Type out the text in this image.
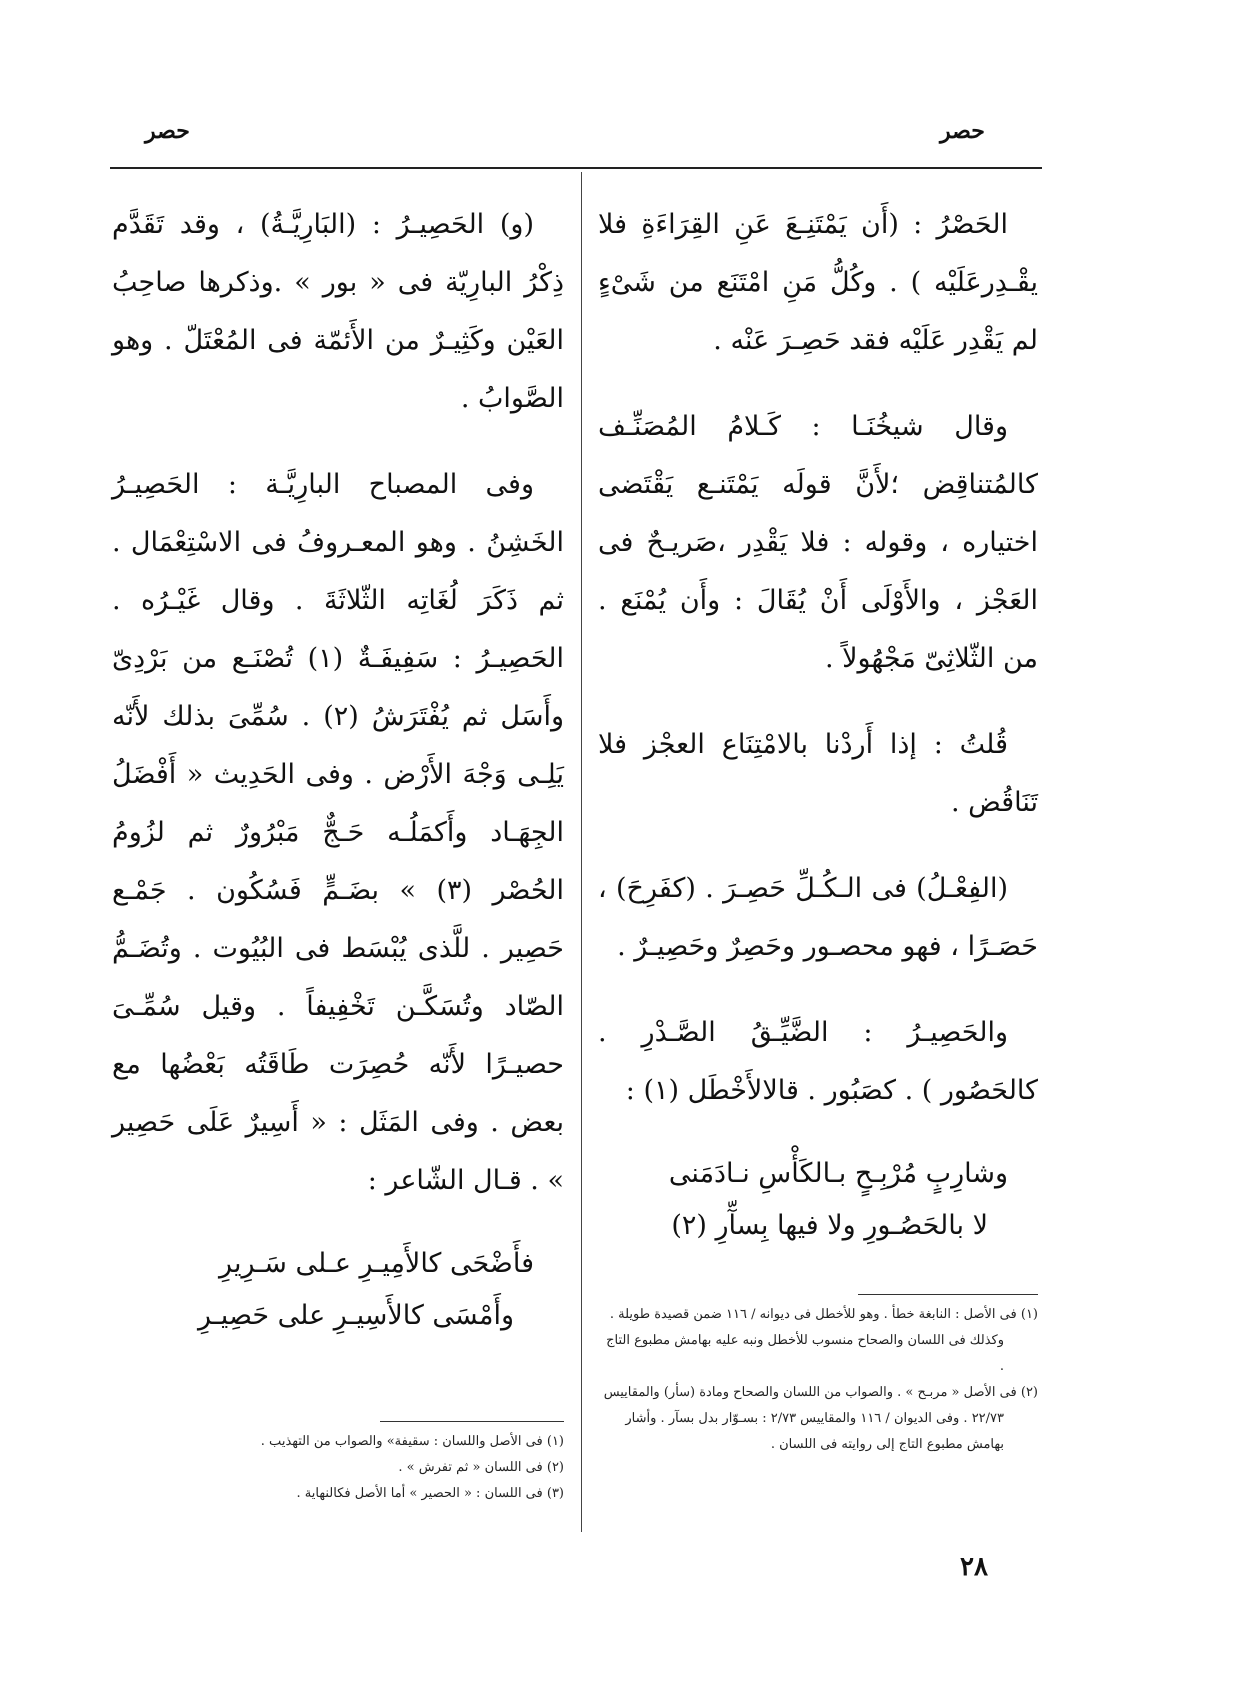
حصر
حصر

الحَصْرُ : (أَن يَمْتَنِـعَ عَنِ القِرَاءَةِ فلا يقْـدِرعَلَيْه ) . وكُلُّ مَنِ امْتَنَع من شَىْءٍ لم يَقْدِر عَلَيْه فقد حَصِـرَ عَنْه .

وقال شيخُنَـا : كَـلامُ المُصَنِّـف كالمُتناقِض ؛لأَنَّ قولَه يَمْتَنـع يَقْتَضى اختياره ، وقوله : فلا يَقْدِر ،صَريـحٌ فى العَجْز ، والأَوْلَى أَنْ يُقَالَ : وأَن يُمْنَع . من الثّلاثِىّ مَجْهُولاً .

قُلتُ : إذا أَردْنا بالامْتِنَاع العجْز فلا تَنَاقُض .

(الفِعْـلُ) فى الـكُـلِّ حَصِـرَ . (كفَرِحَ) ، حَصَـرًا ، فهو محصـور وحَصِرٌ وحَصِيـرٌ .

والحَصِيـرُ : الضَّيِّـقُ الصَّـدْرِ . كالحَصُور ) . كصَبُور . قالالأَخْطَل (١) :

وشارِبٍ مُرْبِـحٍ بـالكَأْسِ نـادَمَنى
لا بالحَصُـورِ ولا فيها بِسآّرِ (٢)

(١) فى الأصل : النابغة خطأ . وهو للأخطل فى ديوانه / ١١٦ ضمن قصيدة طويلة . وكذلك فى اللسان والصحاح منسوب للأخطل ونبه عليه بهامش مطبوع التاج .

(٢) فى الأصل « مربـح » . والصواب من اللسان والصحاح ومادة (سأر) والمقاييس ٢٢/٧٣ . وفى الديوان / ١١٦ والمقاييس ٢/٧٣ : بسـوّار بدل بسآر . وأشار بهامش مطبوع التاج إلى روايته فى اللسان .

(و) الحَصِيـرُ : (البَارِيَّـةُ) ، وقد تَقَدَّم ذِكْرُ البارِيّة فى « بور » .وذكرها صاحِبُ العَيْن وكَثِيـرٌ من الأَئمّة فى المُعْتَلّ . وهو الصَّوابُ .

وفى المصباح البارِيَّـة : الحَصِيـرُ الخَشِنُ . وهو المعـروفُ فى الاسْتِعْمَال . ثم ذَكَرَ لُغَاتِه الثّلاثَةَ . وقال غَيْـرُه . الحَصِيـرُ : سَفِيفَـةٌ (١) تُصْنَـع من بَرْدِىّ وأَسَل ثم يُفْتَرَشُ (٢) . سُمِّىَ بذلك لأَنّه يَلِـى وَجْهَ الأَرْض . وفى الحَدِيث « أَفْضَلُ الجِهَـاد وأَكمَلُـه حَـجٌّ مَبْرُورٌ ثم لزُومُ الحُصْر (٣) » بضَـمٍّ فَسُكُون . جَمْـع حَصِير . للَّذى يُبْسَط فى البُيُوت . وتُضَـمُّ الصّاد وتُسَكَّـن تَخْفِيفاً . وقيل سُمِّـىَ حصيـرًا لأَنّه حُصِرَت طَاقَتُه بَعْضُها مع بعض . وفى المَثَل : « أَسِيرٌ عَلَى حَصِير » . قـال الشّاعر :

فأَضْحَى كالأَمِيـرِ عـلى سَـرِيرِ
وأَمْسَى كالأَسِيـرِ على حَصِيـرِ

(١) فى الأصل واللسان : سقيفة» والصواب من التهذيب .

(٢) فى اللسان « ثم تفرش » .

(٣) فى اللسان : « الحصير » أما الأصل فكالنهاية .

٢٨
